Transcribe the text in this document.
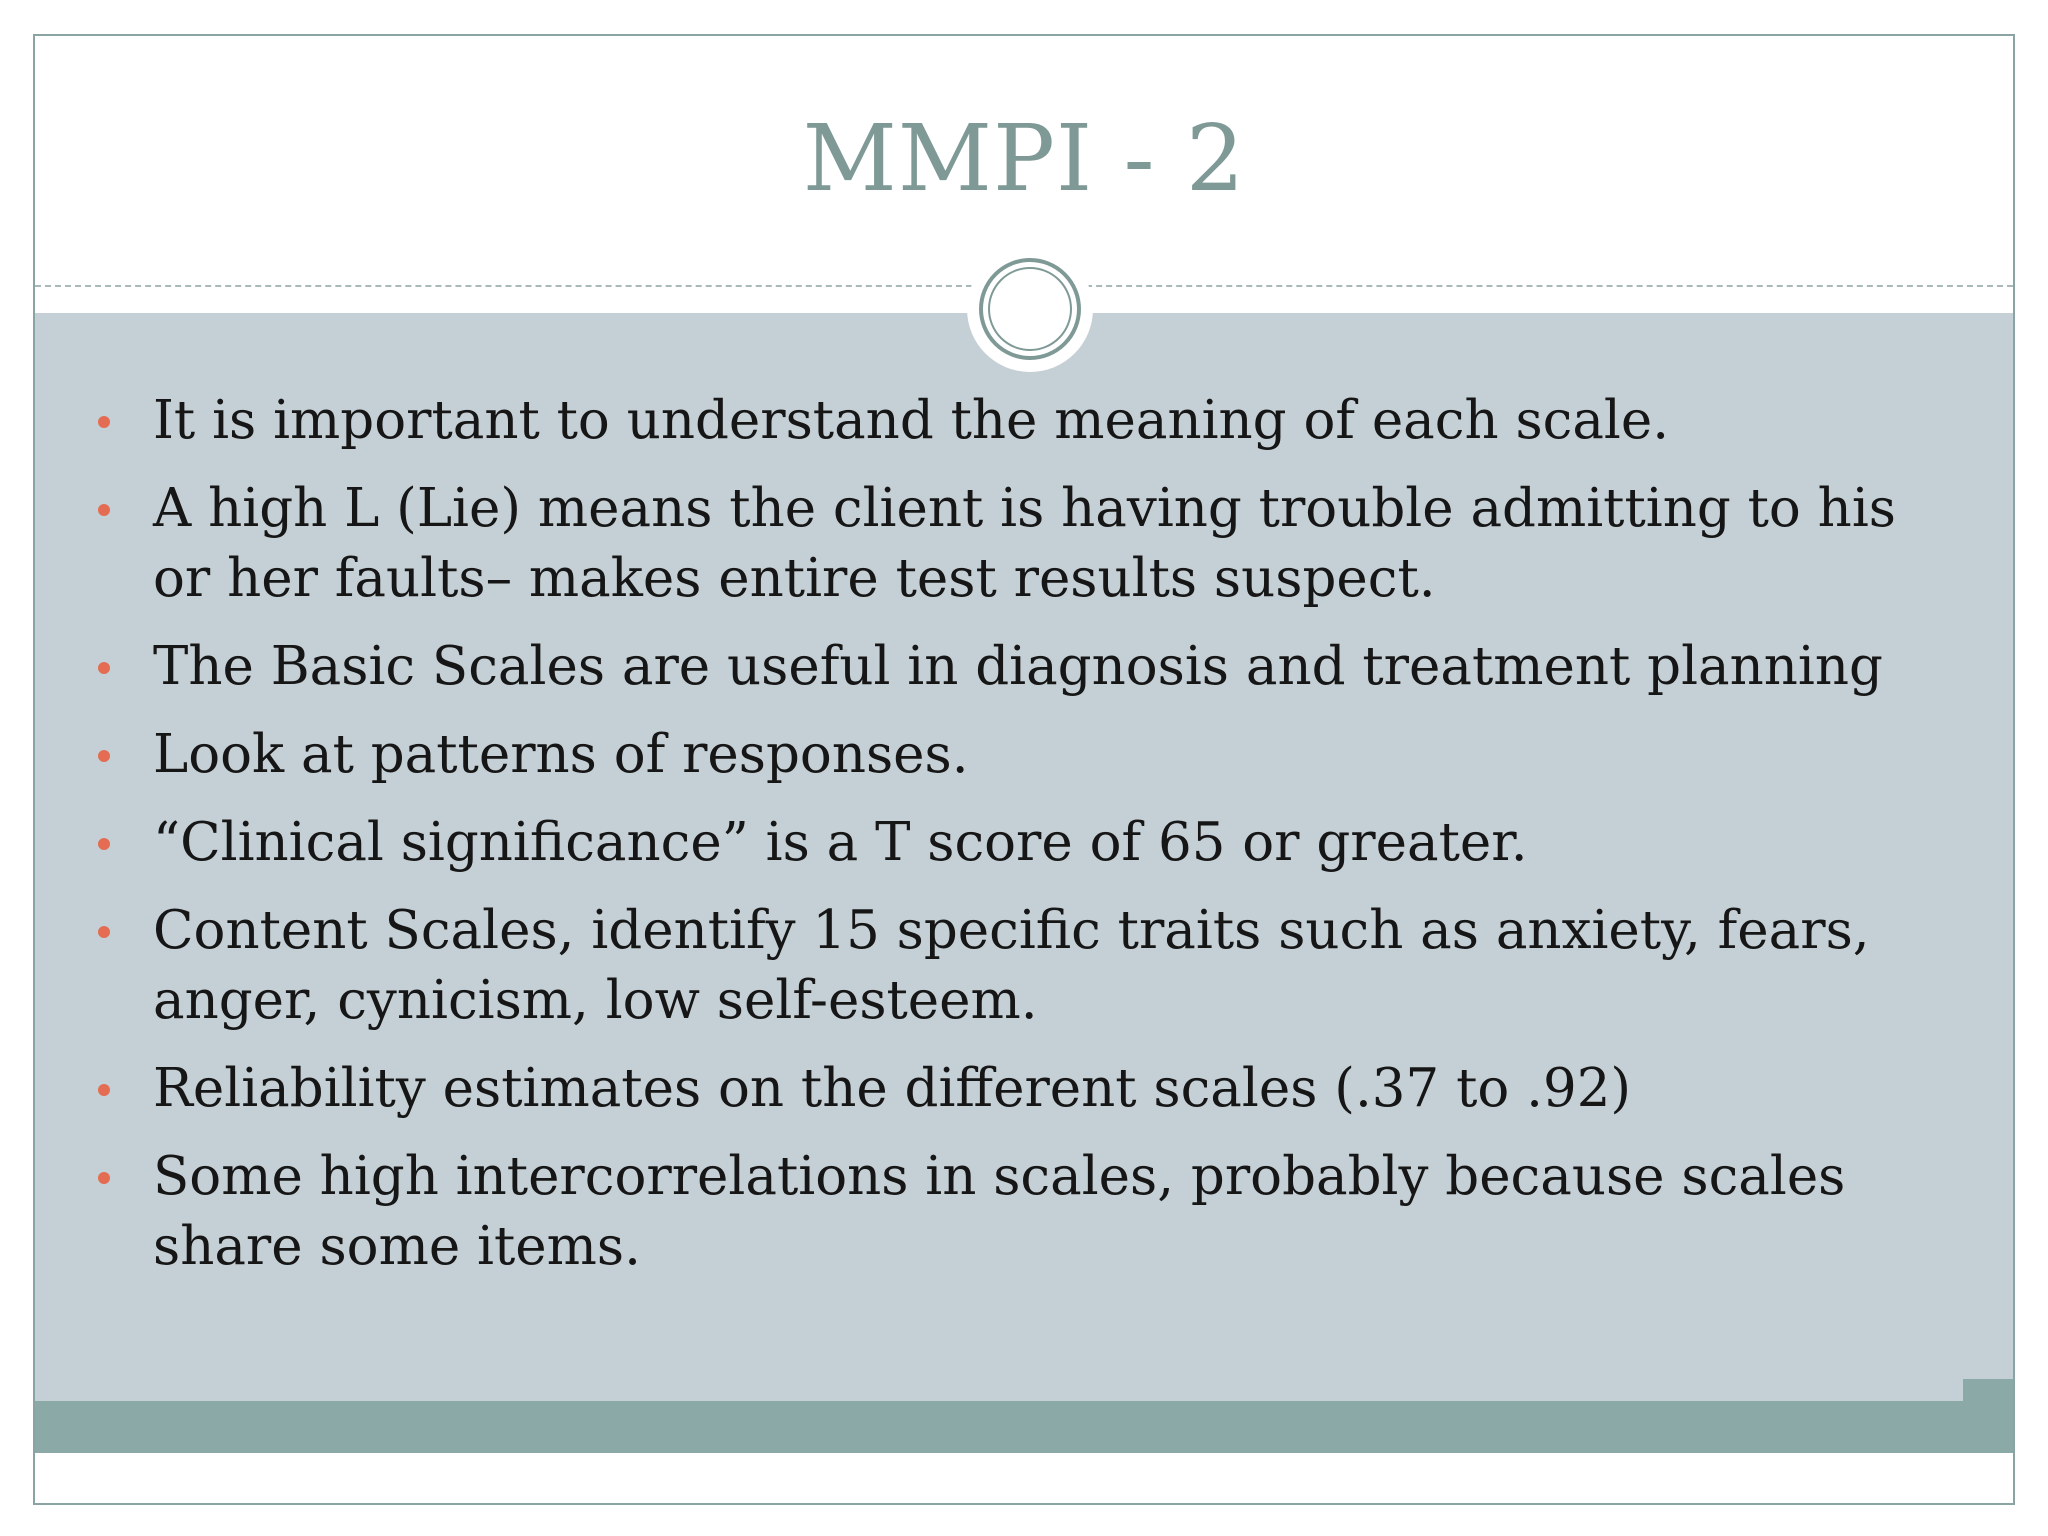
MMPI - 2
It is important to understand the meaning of each scale.
A high L (Lie) means the client is having trouble admitting to his or her faults– makes entire test results suspect.
The Basic Scales are useful in diagnosis and treatment planning
Look at patterns of responses.
“Clinical significance” is a T score of 65 or greater.
Content Scales, identify 15 specific traits such as anxiety, fears, anger, cynicism, low self-esteem.
Reliability estimates on the different scales (.37 to .92)
Some high intercorrelations in scales, probably because scales share some items.
